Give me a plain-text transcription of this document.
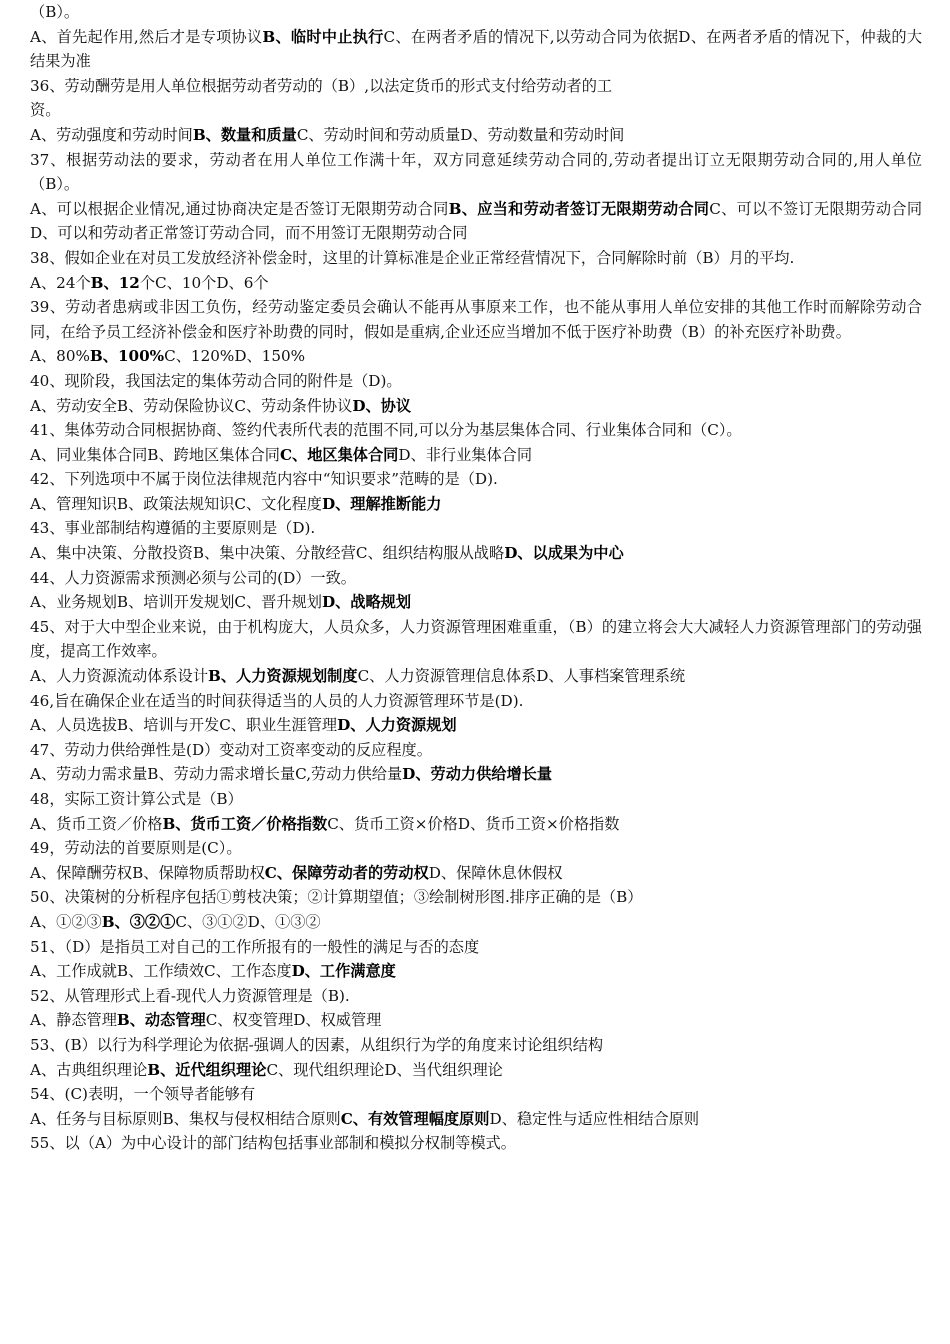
（B）。
A、首先起作用,然后才是专项协议B、临时中止执行C、在两者矛盾的情况下,以劳动合同为依据D、在两者矛盾的情况下，仲裁的大结果为准
36、劳动酬劳是用人单位根据劳动者劳动的（B）,以法定货币的形式支付给劳动者的工
资。
A、劳动强度和劳动时间B、数量和质量C、劳动时间和劳动质量D、劳动数量和劳动时间
37、根据劳动法的要求，劳动者在用人单位工作满十年，双方同意延续劳动合同的,劳动者提出订立无限期劳动合同的,用人单位（B）。
A、可以根据企业情况,通过协商决定是否签订无限期劳动合同B、应当和劳动者签订无限期劳动合同C、可以不签订无限期劳动合同D、可以和劳动者正常签订劳动合同，而不用签订无限期劳动合同
38、假如企业在对员工发放经济补偿金时，这里的计算标准是企业正常经营情况下，合同解除时前（B）月的平均.
A、24个B、12个C、10个D、6个
39、劳动者患病或非因工负伤，经劳动鉴定委员会确认不能再从事原来工作，也不能从事用人单位安排的其他工作时而解除劳动合同，在给予员工经济补偿金和医疗补助费的同时，假如是重病,企业还应当增加不低于医疗补助费（B）的补充医疗补助费。
A、80%B、100%C、120%D、150%
40、现阶段，我国法定的集体劳动合同的附件是（D)。
A、劳动安全B、劳动保险协议C、劳动条件协议D、协议
41、集体劳动合同根据协商、签约代表所代表的范围不同,可以分为基层集体合同、行业集体合同和（C）。
A、同业集体合同B、跨地区集体合同C、地区集体合同D、非行业集体合同
42、下列选项中不属于岗位法律规范内容中“知识要求”范畴的是（D).
A、管理知识B、政策法规知识C、文化程度D、理解推断能力
43、事业部制结构遵循的主要原则是（D).
A、集中决策、分散投资B、集中决策、分散经营C、组织结构服从战略D、以成果为中心
44、人力资源需求预测必须与公司的(D）一致。
A、业务规划B、培训开发规划C、晋升规划D、战略规划
45、对于大中型企业来说，由于机构庞大，人员众多，人力资源管理困难重重，（B）的建立将会大大减轻人力资源管理部门的劳动强度，提高工作效率。
A、人力资源流动体系设计B、人力资源规划制度C、人力资源管理信息体系D、人事档案管理系统
46,旨在确保企业在适当的时间获得适当的人员的人力资源管理环节是(D).
A、人员选拔B、培训与开发C、职业生涯管理D、人力资源规划
47、劳动力供给弹性是(D）变动对工资率变动的反应程度。
A、劳动力需求量B、劳动力需求增长量C,劳动力供给量D、劳动力供给增长量
48，实际工资计算公式是（B）
A、货币工资／价格B、货币工资／价格指数C、货币工资×价格D、货币工资×价格指数
49，劳动法的首要原则是(C）。
A、保障酬劳权B、保障物质帮助权C、保障劳动者的劳动权D、保障休息休假权
50、决策树的分析程序包括①剪枝决策；②计算期望值；③绘制树形图.排序正确的是（B）
A、①②③B、③②①C、③①②D、①③②
51、（D）是指员工对自己的工作所报有的一般性的满足与否的态度
A、工作成就B、工作绩效C、工作态度D、工作满意度
52、从管理形式上看-现代人力资源管理是（B).
A、静态管理B、动态管理C、权变管理D、权威管理
53、(B）以行为科学理论为依据-强调人的因素，从组织行为学的角度来讨论组织结构
A、古典组织理论B、近代组织理论C、现代组织理论D、当代组织理论
54、(C)表明，一个领导者能够有
A、任务与目标原则B、集权与侵权相结合原则C、有效管理幅度原则D、稳定性与适应性相结合原则
55、以（A）为中心设计的部门结构包括事业部制和模拟分权制等模式。
